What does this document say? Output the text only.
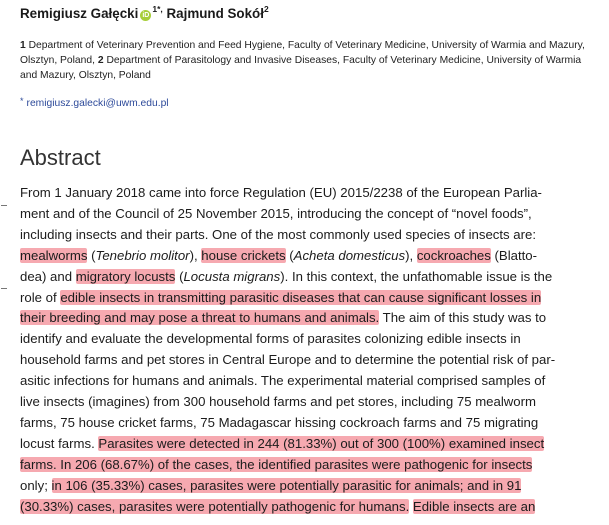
Remigiusz Gałęcki $iD^{1*,}$ Rajmund Sokół$^2$
1 Department of Veterinary Prevention and Feed Hygiene, Faculty of Veterinary Medicine, University of Warmia and Mazury, Olsztyn, Poland, 2 Department of Parasitology and Invasive Diseases, Faculty of Veterinary Medicine, University of Warmia and Mazury, Olsztyn, Poland
* remigiusz.galecki@uwm.edu.pl
Abstract
From 1 January 2018 came into force Regulation (EU) 2015/2238 of the European Parlia-
ment and of the Council of 25 November 2015, introducing the concept of “novel foods”,
including insects and their parts. One of the most commonly used species of insects are:
mealworms (Tenebrio molitor), house crickets (Acheta domesticus), cockroaches (Blatto-
dea) and migratory locusts (Locusta migrans). In this context, the unfathomable issue is the
role of edible insects in transmitting parasitic diseases that can cause significant losses in
their breeding and may pose a threat to humans and animals. The aim of this study was to
identify and evaluate the developmental forms of parasites colonizing edible insects in
household farms and pet stores in Central Europe and to determine the potential risk of par-
asitic infections for humans and animals. The experimental material comprised samples of
live insects (imagines) from 300 household farms and pet stores, including 75 mealworm
farms, 75 house cricket farms, 75 Madagascar hissing cockroach farms and 75 migrating
locust farms. Parasites were detected in 244 (81.33%) out of 300 (100%) examined insect
farms. In 206 (68.67%) of the cases, the identified parasites were pathogenic for insects
only; in 106 (35.33%) cases, parasites were potentially parasitic for animals; and in 91
(30.33%) cases, parasites were potentially pathogenic for humans. Edible insects are an
